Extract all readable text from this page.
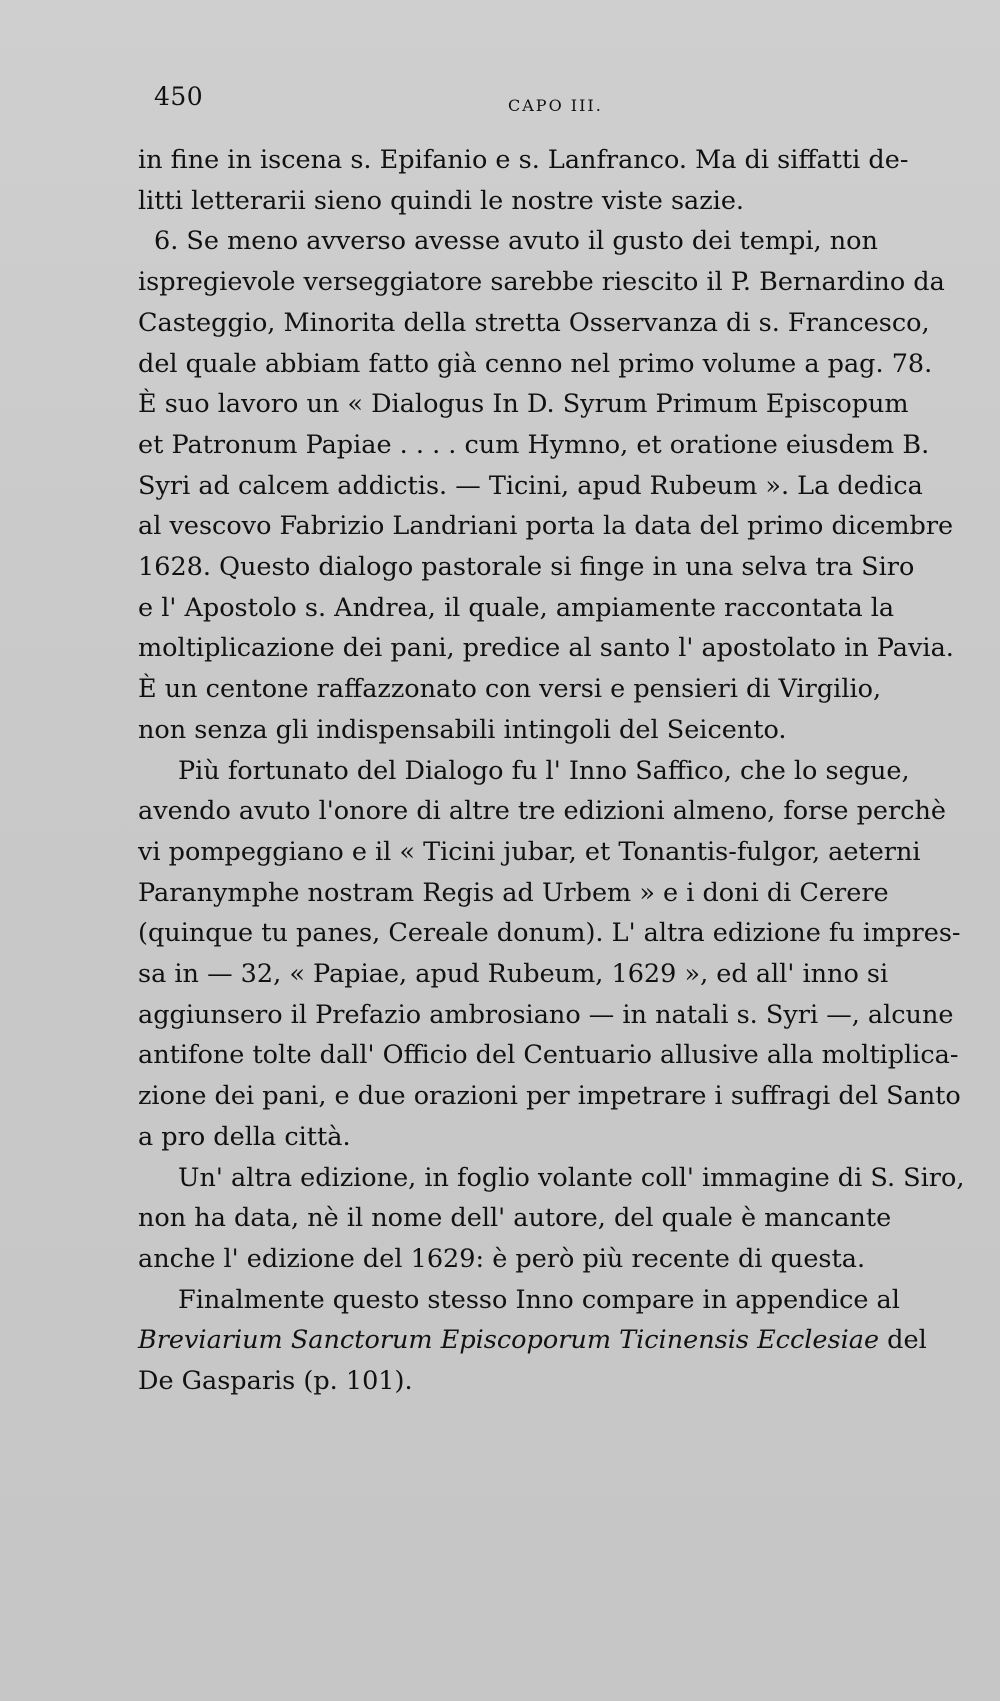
450	CAPO III.
in fine in iscena s. Epifanio e s. Lanfranco. Ma di siffatti de-
litti letterarii sieno quindi le nostre viste sazie.
6. Se meno avverso avesse avuto il gusto dei tempi, non
ispregievole verseggiatore sarebbe riescito il P. Bernardino da
Casteggio, Minorita della stretta Osservanza di s. Francesco,
del quale abbiam fatto già cenno nel primo volume a pag. 78.
È suo lavoro un « Dialogus In D. Syrum Primum Episcopum
et Patronum Papiae . . . . cum Hymno, et oratione eiusdem B.
Syri ad calcem addictis. — Ticini, apud Rubeum ». La dedica
al vescovo Fabrizio Landriani porta la data del primo dicembre
1628. Questo dialogo pastorale si finge in una selva tra Siro
e l' Apostolo s. Andrea, il quale, ampiamente raccontata la
moltiplicazione dei pani, predice al santo l' apostolato in Pavia.
È un centone raffazzonato con versi e pensieri di Virgilio,
non senza gli indispensabili intingoli del Seicento.
Più fortunato del Dialogo fu l' Inno Saffico, che lo segue,
avendo avuto l'onore di altre tre edizioni almeno, forse perchè
vi pompeggiano e il « Ticini jubar, et Tonantis-fulgor, aeterni
Paranymphe nostram Regis ad Urbem » e i doni di Cerere
(quinque tu panes, Cereale donum). L' altra edizione fu impres-
sa in — 32, « Papiae, apud Rubeum, 1629 », ed all' inno si
aggiunsero il Prefazio ambrosiano — in natali s. Syri —, alcune
antifone tolte dall' Officio del Centuario allusive alla moltiplica-
zione dei pani, e due orazioni per impetrare i suffragi del Santo
a pro della città.
Un' altra edizione, in foglio volante coll' immagine di S. Siro,
non ha data, nè il nome dell' autore, del quale è mancante
anche l' edizione del 1629: è però più recente di questa.
Finalmente questo stesso Inno compare in appendice al
Breviarium Sanctorum Episcoporum Ticinensis Ecclesiae del
De Gasparis (p. 101).
